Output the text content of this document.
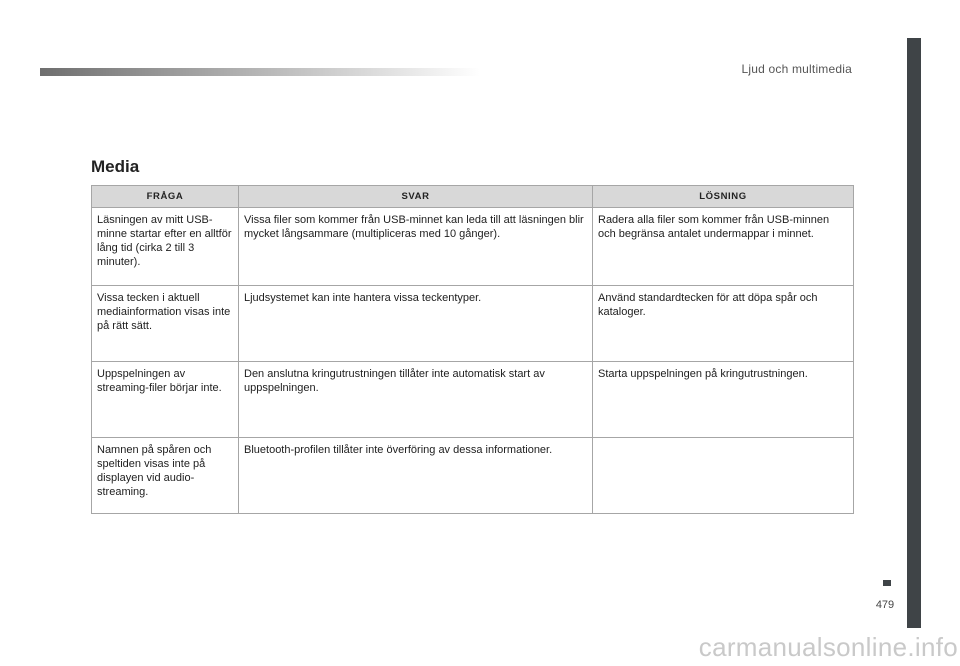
Ljud och multimedia
479
Media
FRÅGA	SVAR	LÖSNING
Läsningen av mitt USB-minne startar efter en alltför lång tid (cirka 2 till 3 minuter).	Vissa filer som kommer från USB-minnet kan leda till att läsningen blir mycket långsammare (multipliceras med 10 gånger).	Radera alla filer som kommer från USB-minnen och begränsa antalet undermappar i minnet.
Vissa tecken i aktuell mediainformation visas inte på rätt sätt.	Ljudsystemet kan inte hantera vissa teckentyper.	Använd standardtecken för att döpa spår och kataloger.
Uppspelningen av streaming-filer börjar inte.	Den anslutna kringutrustningen tillåter inte automatisk start av uppspelningen.	Starta uppspelningen på kringutrustningen.
Namnen på spåren och speltiden visas inte på displayen vid audio-streaming.	Bluetooth-profilen tillåter inte överföring av dessa informationer.	
carmanualsonline.info
